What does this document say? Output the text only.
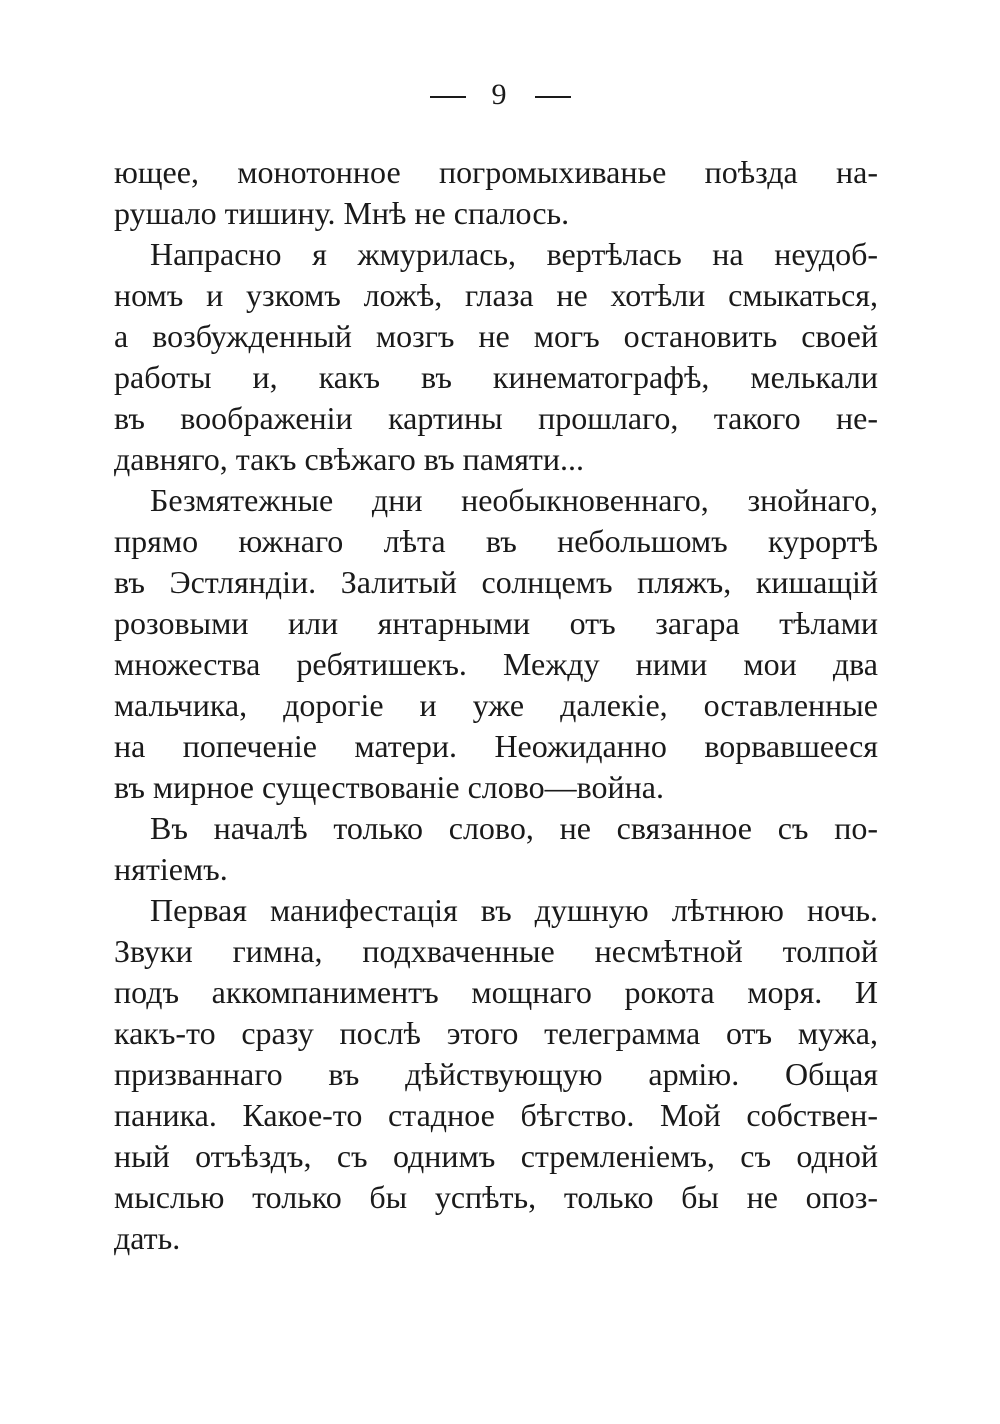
9
ющее, монотонное погромыхиванье поѣзда на-
рушало тишину. Мнѣ не спалось.
Напрасно я жмурилась, вертѣлась на неудоб-
номъ и узкомъ ложѣ, глаза не хотѣли смыкаться,
а возбужденный мозгъ не могъ остановить своей
работы и, какъ въ кинематографѣ, мелькали
въ воображеніи картины прошлаго, такого не-
давняго, такъ свѣжаго въ памяти...
Безмятежные дни необыкновеннаго, знойнаго,
прямо южнаго лѣта въ небольшомъ курортѣ
въ Эстляндіи. Залитый солнцемъ пляжъ, кишащій
розовыми или янтарными отъ загара тѣлами
множества ребятишекъ. Между ними мои два
мальчика, дорогіе и уже далекіе, оставленные
на попеченіе матери. Неожиданно ворвавшееся
въ мирное существованіе слово—война.
Въ началѣ только слово, не связанное съ по-
нятіемъ.
Первая манифестація въ душную лѣтнюю ночь.
Звуки гимна, подхваченные несмѣтной толпой
подъ аккомпаниментъ мощнаго рокота моря. И
какъ-то сразу послѣ этого телеграмма отъ мужа,
призваннаго въ дѣйствующую армію. Общая
паника. Какое-то стадное бѣгство. Мой собствен-
ный отъѣздъ, съ однимъ стремленіемъ, съ одной
мыслью только бы успѣть, только бы не опоз-
дать.
